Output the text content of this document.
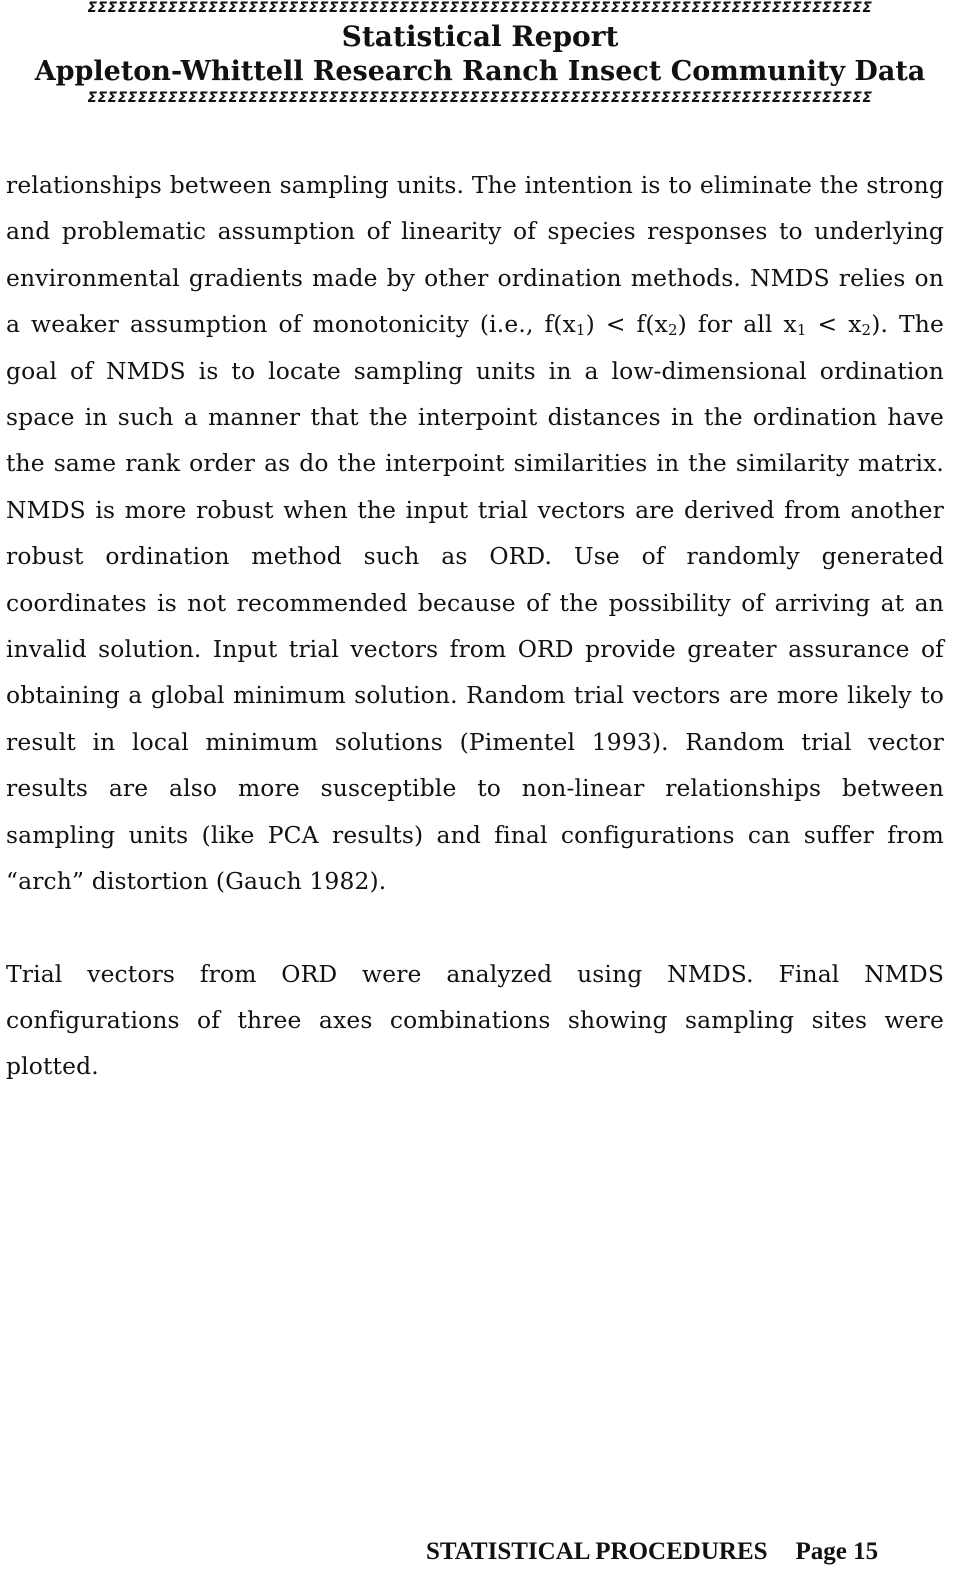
ƩƩƩƩƩƩƩƩƩƩƩƩƩƩƩƩƩƩƩƩƩƩƩƩƩƩƩƩƩƩƩƩƩƩƩƩƩƩƩƩƩƩƩƩƩƩƩƩƩƩƩƩƩƩƩƩƩƩƩƩƩƩƩƩƩƩƩƩƩƩƩƩƩƩƩƩƩƩ
Statistical Report
Appleton-Whittell Research Ranch Insect Community Data
ƩƩƩƩƩƩƩƩƩƩƩƩƩƩƩƩƩƩƩƩƩƩƩƩƩƩƩƩƩƩƩƩƩƩƩƩƩƩƩƩƩƩƩƩƩƩƩƩƩƩƩƩƩƩƩƩƩƩƩƩƩƩƩƩƩƩƩƩƩƩƩƩƩƩƩƩƩƩ

relationships between sampling units. The intention is to eliminate the strong and problematic assumption of linearity of species responses to underlying environmental gradients made by other ordination methods. NMDS relies on a weaker assumption of monotonicity (i.e., $f(x_1) < f(x_2)$ for all $x_1 < x_2$). The goal of NMDS is to locate sampling units in a low-dimensional ordination space in such a manner that the interpoint distances in the ordination have the same rank order as do the interpoint similarities in the similarity matrix. NMDS is more robust when the input trial vectors are derived from another robust ordination method such as ORD. Use of randomly generated coordinates is not recommended because of the possibility of arriving at an invalid solution. Input trial vectors from ORD provide greater assurance of obtaining a global minimum solution. Random trial vectors are more likely to result in local minimum solutions (Pimentel 1993). Random trial vector results are also more susceptible to non-linear relationships between sampling units (like PCA results) and final configurations can suffer from “arch” distortion (Gauch 1982).

Trial vectors from ORD were analyzed using NMDS. Final NMDS configurations of three axes combinations showing sampling sites were plotted.

STATISTICAL PROCEDURES Page 15
